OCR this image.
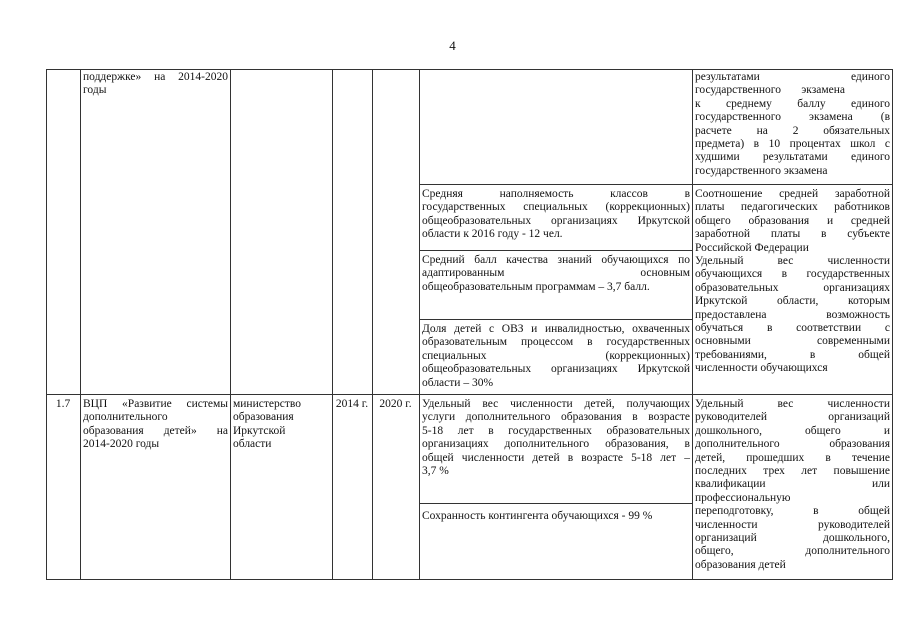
4
поддержке» на 2014-2020
годы
результатами единого
государственного экзамена
к среднему баллу единого
государственного экзамена (в
расчете на 2 обязательных
предмета) в 10 процентах школ с
худшими результатами единого
государственного экзамена
Средняя наполняемость классов в
государственных специальных (коррекционных)
общеобразовательных организациях Иркутской
области к 2016 году - 12 чел.
Средний балл качества знаний обучающихся по
адаптированным основным
общеобразовательным программам – 3,7 балл.
Доля детей с ОВЗ и инвалидностью, охваченных
образовательным процессом в государственных
специальных (коррекционных)
общеобразовательных организациях Иркутской
области – 30%
Соотношение средней заработной
платы педагогических работников
общего образования и средней
заработной платы в субъекте
Российской Федерации
Удельный вес численности
обучающихся в государственных
образовательных организациях
Иркутской области, которым
предоставлена возможность
обучаться в соответствии с
основными современными
требованиями, в общей
численности обучающихся
1.7	ВЦП «Развитие системы
дополнительного
образования детей» на
2014-2020 годы
министерство
образования
Иркутской
области
2014 г. 2020 г. Удельный вес численности детей, получающих
услуги дополнительного образования в возрасте
5-18 лет в государственных образовательных
организациях дополнительного образования, в
общей численности детей в возрасте 5-18 лет –
3,7 %
Сохранность контингента обучающихся - 99 %
Удельный вес численности
руководителей организаций
дошкольного, общего и
дополнительного образования
детей, прошедших в течение
последних трех лет повышение
квалификации или
профессиональную
переподготовку, в общей
численности руководителей
организаций дошкольного,
общего, дополнительного
образования детей
